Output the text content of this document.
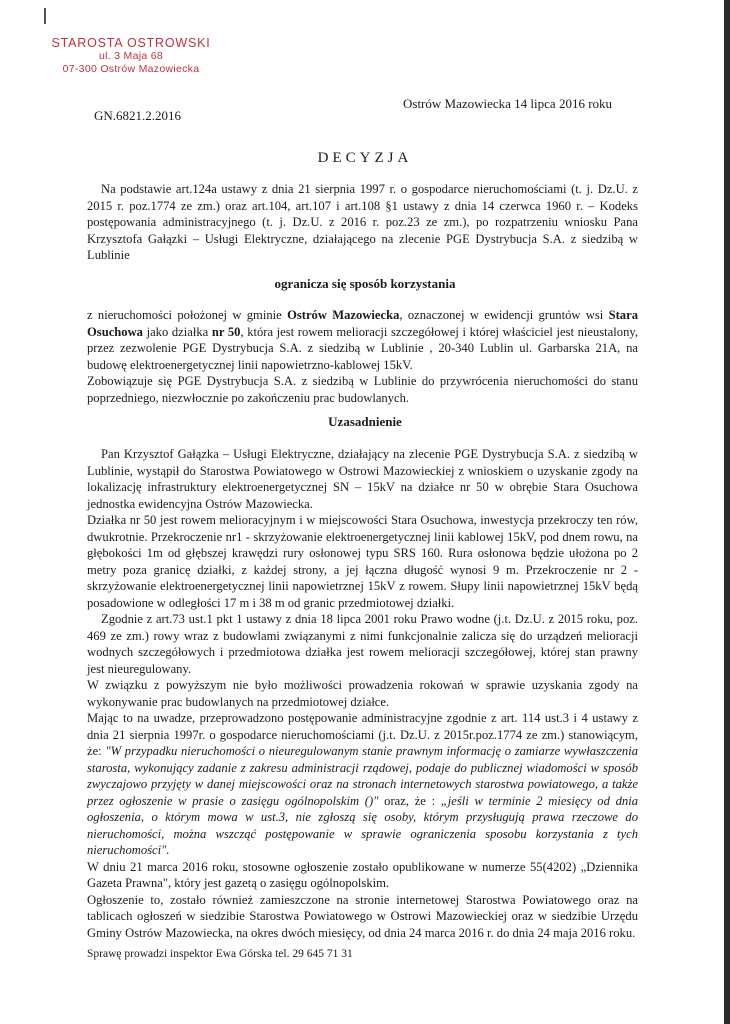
STAROSTA OSTROWSKI
ul. 3 Maja 68
07-300 Ostrów Mazowiecka
GN.6821.2.2016
Ostrów Mazowiecka 14 lipca 2016 roku
DECYZJA

Na podstawie art.124a ustawy z dnia 21 sierpnia 1997 r. o gospodarce nieruchomościami (t. j. Dz.U. z 2015 r. poz.1774 ze zm.) oraz art.104, art.107 i art.108 §1 ustawy z dnia 14 czerwca 1960 r. – Kodeks postępowania administracyjnego (t. j. Dz.U. z 2016 r. poz.23 ze zm.), po rozpatrzeniu wniosku Pana Krzysztofa Gałązki – Usługi Elektryczne, działającego na zlecenie PGE Dystrybucja S.A. z siedzibą w Lublinie

ogranicza się sposób korzystania

z nieruchomości położonej w gminie Ostrów Mazowiecka, oznaczonej w ewidencji gruntów wsi Stara Osuchowa jako działka nr 50, która jest rowem melioracji szczegółowej i której właściciel jest nieustalony, przez zezwolenie PGE Dystrybucja S.A. z siedzibą w Lublinie , 20-340 Lublin ul. Garbarska 21A, na budowę elektroenergetycznej linii napowietrzno-kablowej 15kV.

Zobowiązuje się PGE Dystrybucja S.A. z siedzibą w Lublinie do przywrócenia nieruchomości do stanu poprzedniego, niezwłocznie po zakończeniu prac budowlanych.

Uzasadnienie

Pan Krzysztof Gałązka – Usługi Elektryczne, działający na zlecenie PGE Dystrybucja S.A. z siedzibą w Lublinie, wystąpił do Starostwa Powiatowego w Ostrowi Mazowieckiej z wnioskiem o uzyskanie zgody na lokalizację infrastruktury elektroenergetycznej SN – 15kV na działce nr 50 w obrębie Stara Osuchowa jednostka ewidencyjna Ostrów Mazowiecka.

Działka nr 50 jest rowem melioracyjnym i w miejscowości Stara Osuchowa, inwestycja przekroczy ten rów, dwukrotnie. Przekroczenie nr1 - skrzyżowanie elektroenergetycznej linii kablowej 15kV, pod dnem rowu, na głębokości 1m od głębszej krawędzi rury osłonowej typu SRS 160. Rura osłonowa będzie ułożona po 2 metry poza granicę działki, z każdej strony, a jej łączna długość wynosi 9 m. Przekroczenie nr 2 - skrzyżowanie elektroenergetycznej linii napowietrznej 15kV z rowem. Słupy linii napowietrznej 15kV będą posadowione w odległości 17 m i 38 m od granic przedmiotowej działki.

Zgodnie z art.73 ust.1 pkt 1 ustawy z dnia 18 lipca 2001 roku Prawo wodne (j.t. Dz.U. z 2015 roku, poz. 469 ze zm.) rowy wraz z budowlami związanymi z nimi funkcjonalnie zalicza się do urządzeń melioracji wodnych szczegółowych i przedmiotowa działka jest rowem melioracji szczegółowej, której stan prawny jest nieuregulowany.

W związku z powyższym nie było możliwości prowadzenia rokowań w sprawie uzyskania zgody na wykonywanie prac budowlanych na przedmiotowej działce.

Mając to na uwadze, przeprowadzono postępowanie administracyjne zgodnie z art. 114 ust.3 i 4 ustawy z dnia 21 sierpnia 1997r. o gospodarce nieruchomościami (j.t. Dz.U. z 2015r.poz.1774 ze zm.) stanowiącym, że: "W przypadku nieruchomości o nieuregulowanym stanie prawnym informację o zamiarze wywłaszczenia starosta, wykonujący zadanie z zakresu administracji rządowej, podaje do publicznej wiadomości w sposób zwyczajowo przyjęty w danej miejscowości oraz na stronach internetowych starostwa powiatowego, a także przez ogłoszenie w prasie o zasięgu ogólnopolskim ()" oraz, że : „jeśli w terminie 2 miesięcy od dnia ogłoszenia, o którym mowa w ust.3, nie zgłoszą się osoby, którym przysługują prawa rzeczowe do nieruchomości, można wszcząć postępowanie w sprawie ograniczenia sposobu korzystania z tych nieruchomości".

W dniu 21 marca 2016 roku, stosowne ogłoszenie zostało opublikowane w numerze 55(4202) „Dziennika Gazeta Prawna", który jest gazetą o zasięgu ogólnopolskim.

Ogłoszenie to, zostało również zamieszczone na stronie internetowej Starostwa Powiatowego oraz na tablicach ogłoszeń w siedzibie Starostwa Powiatowego w Ostrowi Mazowieckiej oraz w siedzibie Urzędu Gminy Ostrów Mazowiecka, na okres dwóch miesięcy, od dnia 24 marca 2016 r. do dnia 24 maja 2016 roku.

Sprawę prowadzi inspektor Ewa Górska tel. 29 645 71 31
